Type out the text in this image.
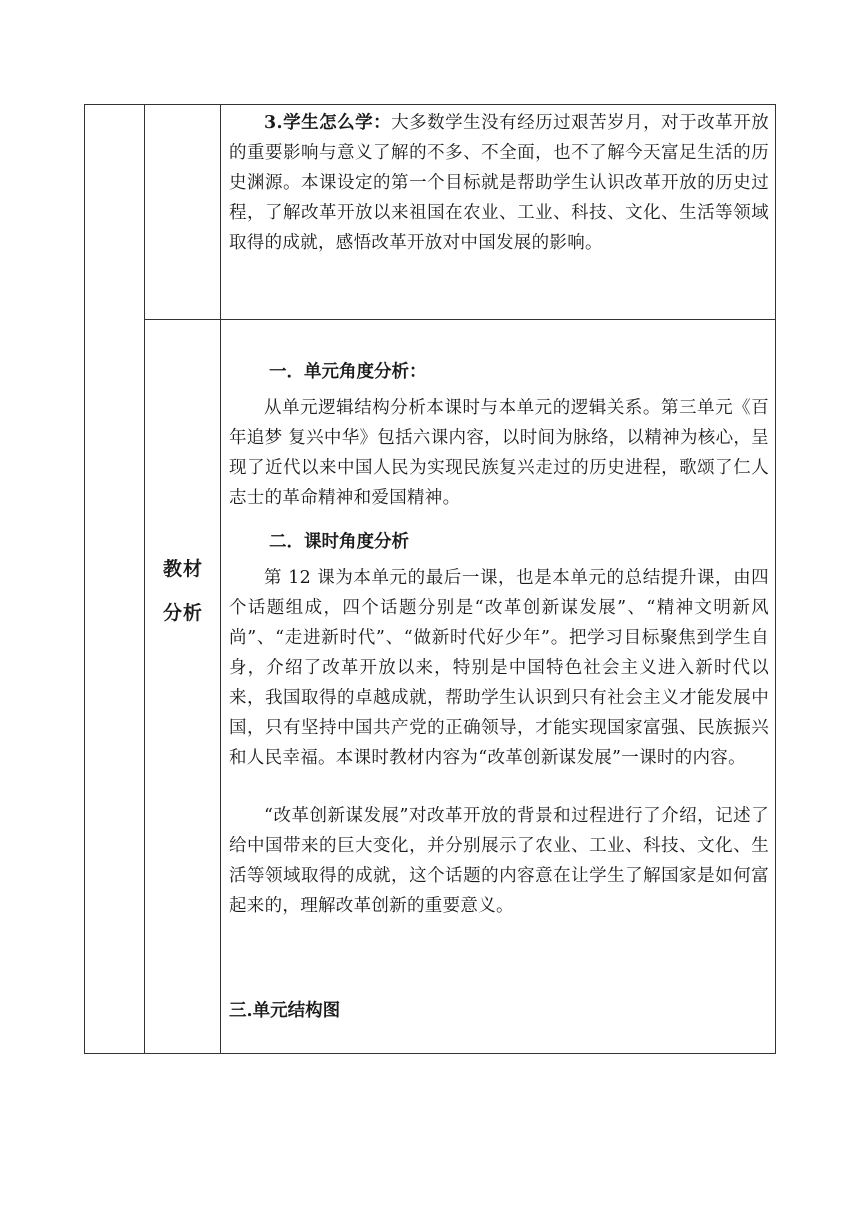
3.学生怎么学：大多数学生没有经历过艰苦岁月，对于改革开放的重要影响与意义了解的不多、不全面，也不了解今天富足生活的历史渊源。本课设定的第一个目标就是帮助学生认识改革开放的历史过程，了解改革开放以来祖国在农业、工业、科技、文化、生活等领域取得的成就，感悟改革开放对中国发展的影响。

教材
分析

一．单元角度分析：

从单元逻辑结构分析本课时与本单元的逻辑关系。第三单元《百年追梦 复兴中华》包括六课内容，以时间为脉络，以精神为核心，呈现了近代以来中国人民为实现民族复兴走过的历史进程，歌颂了仁人志士的革命精神和爱国精神。

二．课时角度分析

第 12 课为本单元的最后一课，也是本单元的总结提升课，由四个话题组成，四个话题分别是“改革创新谋发展”、“精神文明新风尚”、“走进新时代”、“做新时代好少年”。把学习目标聚焦到学生自身，介绍了改革开放以来，特别是中国特色社会主义进入新时代以来，我国取得的卓越成就，帮助学生认识到只有社会主义才能发展中国，只有坚持中国共产党的正确领导，才能实现国家富强、民族振兴和人民幸福。本课时教材内容为“改革创新谋发展”一课时的内容。

“改革创新谋发展”对改革开放的背景和过程进行了介绍，记述了给中国带来的巨大变化，并分别展示了农业、工业、科技、文化、生活等领域取得的成就，这个话题的内容意在让学生了解国家是如何富起来的，理解改革创新的重要意义。

三.单元结构图
